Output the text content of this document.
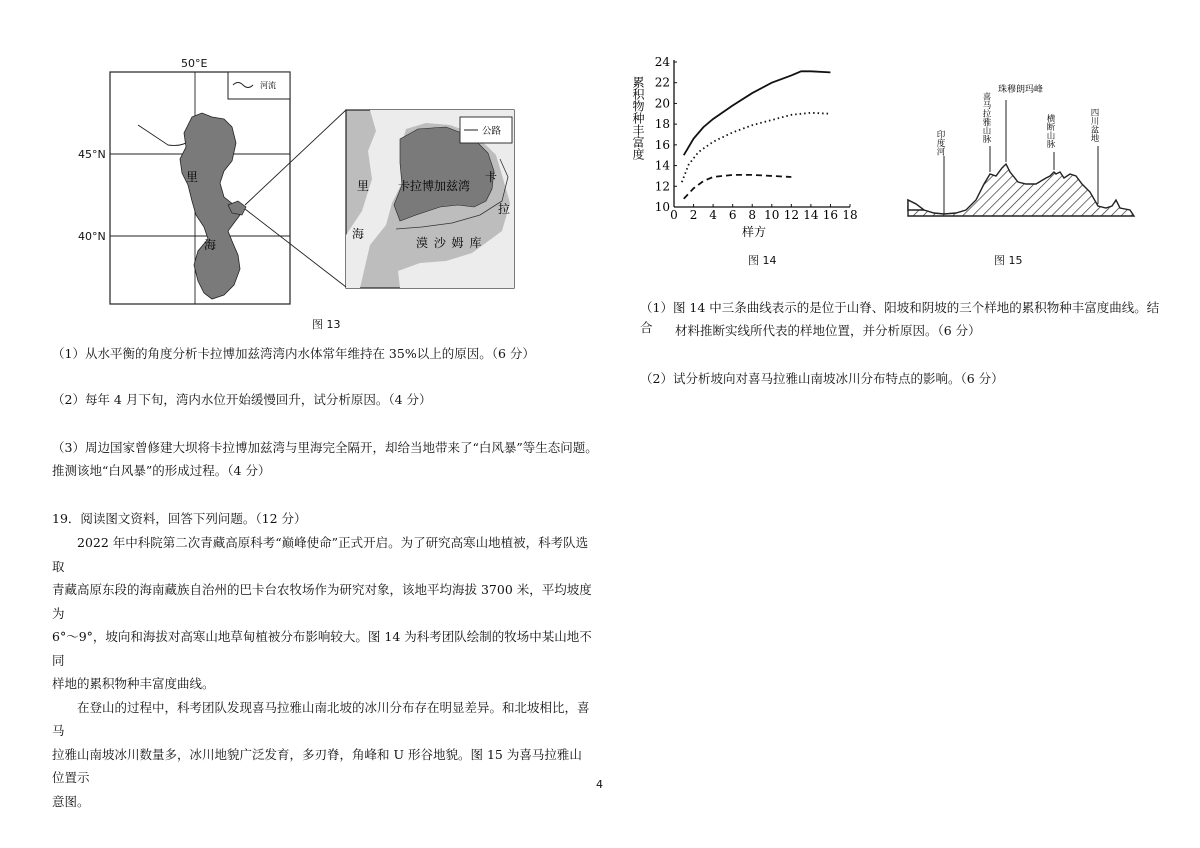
河流
里
海
公路
里
海
卡拉博加兹湾
卡
拉
漠 沙 姆 库
50°E
45°N
40°N
图 13
（1）从水平衡的角度分析卡拉博加兹湾湾内水体常年维持在 35%以上的原因。（6 分）
（2）每年 4 月下旬，湾内水位开始缓慢回升，试分析原因。（4 分）
（3）周边国家曾修建大坝将卡拉博加兹湾与里海完全隔开，却给当地带来了“白风暴”等生态问题。
推测该地“白风暴”的形成过程。（4 分）
19．阅读图文资料，回答下列问题。（12 分）

2022 年中科院第二次青藏高原科考“巅峰使命”正式开启。为了研究高寒山地植被，科考队选取

青藏高原东段的海南藏族自治州的巴卡台农牧场作为研究对象，该地平均海拔 3700 米，平均坡度为

6°～9°，坡向和海拔对高寒山地草甸植被分布影响较大。图 14 为科考团队绘制的牧场中某山地不同

样地的累积物种丰富度曲线。

在登山的过程中，科考团队发现喜马拉雅山南北坡的冰川分布存在明显差异。和北坡相比，喜马

拉雅山南坡冰川数量多，冰川地貌广泛发育，多刃脊，角峰和 U 形谷地貌。图 15 为喜马拉雅山位置示

意图。

0 2 4 6 8 10 12 14 16 18
10
12
14
16
18
20
22
24
样方
累积物种丰富度
图 14
印度河	喜马拉雅山脉	横断山脉	四川盆地
珠穆朗玛峰
图 15
（1）图 14 中三条曲线表示的是位于山脊、阳坡和阴坡的三个样地的累积物种丰富度曲线。结合	材料推断实线所代表的样地位置，并分析原因。（6 分）
（2）试分析坡向对喜马拉雅山南坡冰川分布特点的影响。（6 分）
4
